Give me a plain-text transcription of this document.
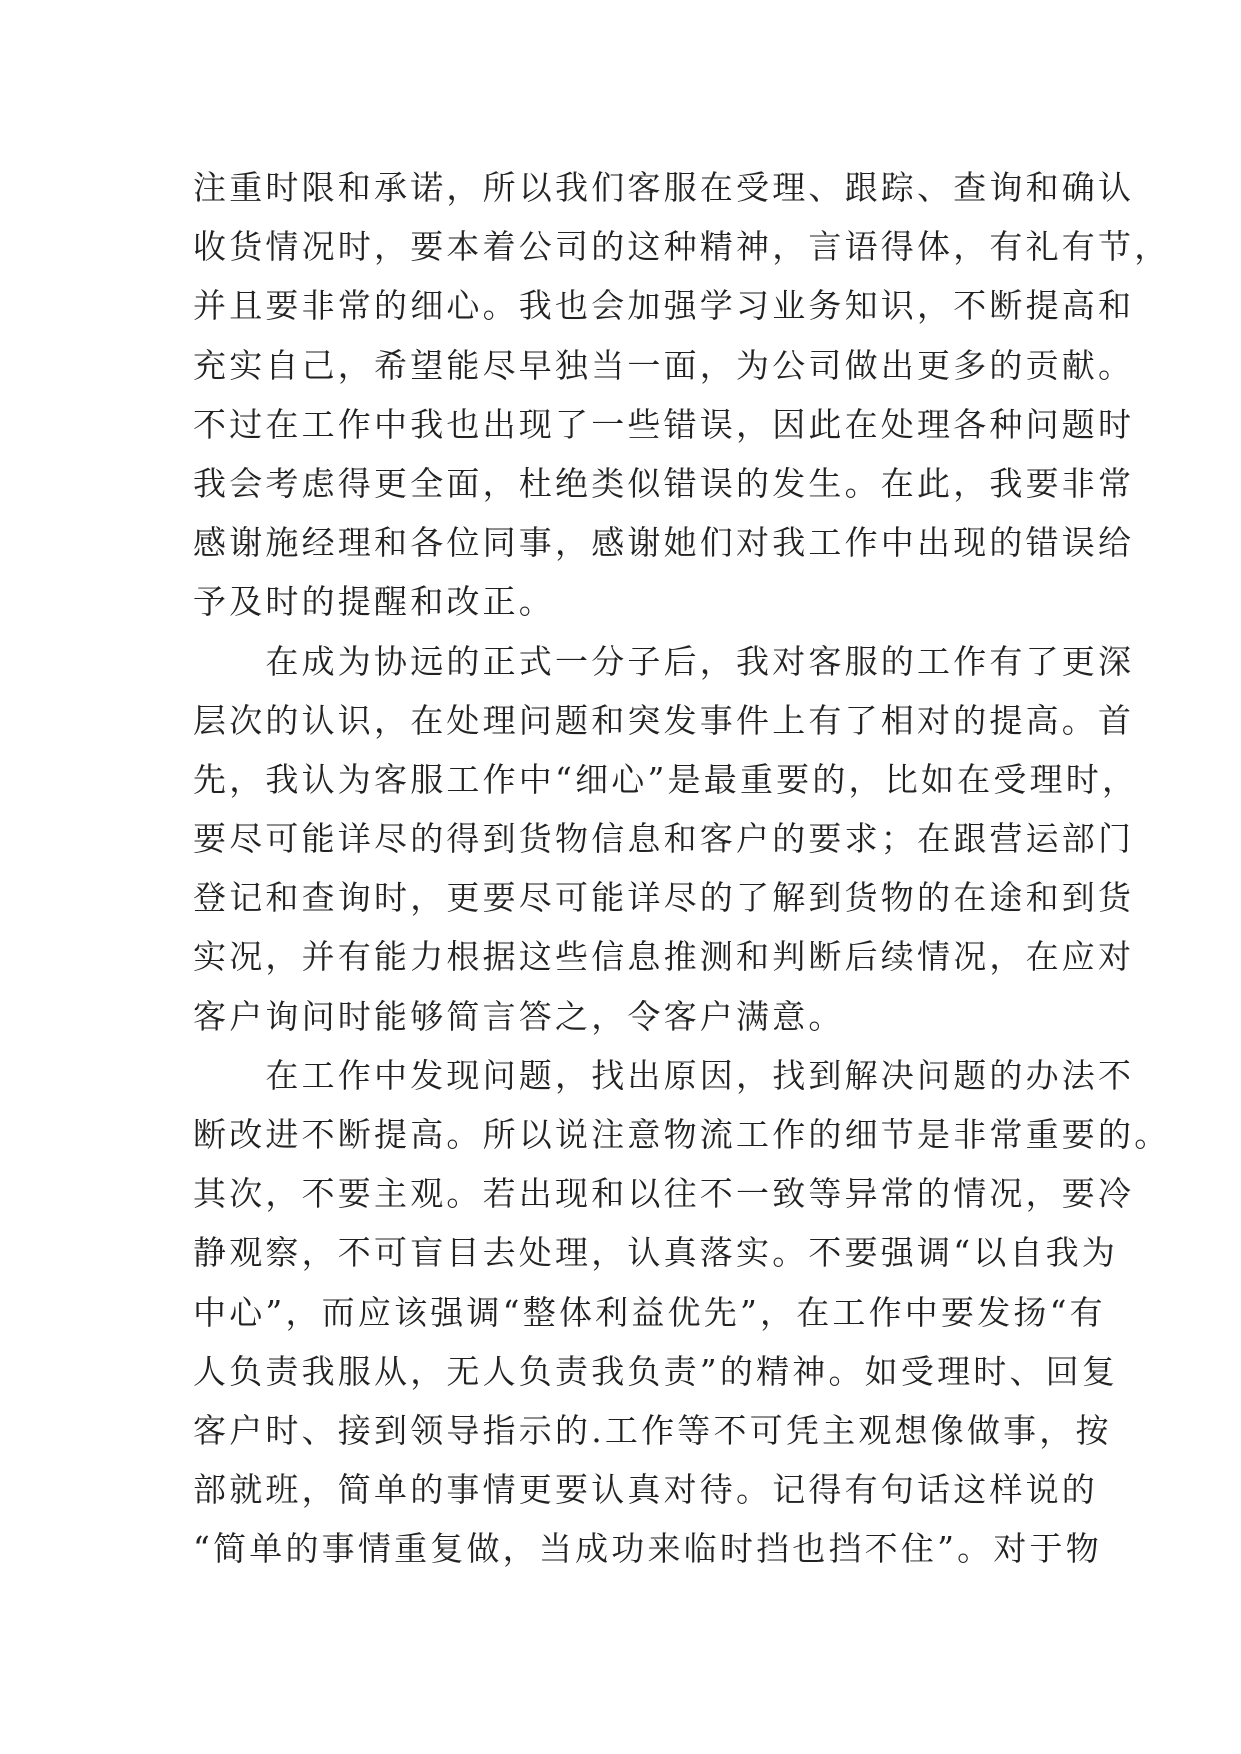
注重时限和承诺，所以我们客服在受理、跟踪、查询和确认
收货情况时，要本着公司的这种精神，言语得体，有礼有节，
并且要非常的细心。我也会加强学习业务知识，不断提高和
充实自己，希望能尽早独当一面，为公司做出更多的贡献。
不过在工作中我也出现了一些错误，因此在处理各种问题时
我会考虑得更全面，杜绝类似错误的发生。在此，我要非常
感谢施经理和各位同事，感谢她们对我工作中出现的错误给
予及时的提醒和改正。
　　在成为协远的正式一分子后，我对客服的工作有了更深
层次的认识，在处理问题和突发事件上有了相对的提高。首
先，我认为客服工作中“细心”是最重要的，比如在受理时，
要尽可能详尽的得到货物信息和客户的要求；在跟营运部门
登记和查询时，更要尽可能详尽的了解到货物的在途和到货
实况，并有能力根据这些信息推测和判断后续情况，在应对
客户询问时能够简言答之，令客户满意。
　　在工作中发现问题，找出原因，找到解决问题的办法不
断改进不断提高。所以说注意物流工作的细节是非常重要的。
其次，不要主观。若出现和以往不一致等异常的情况，要冷
静观察，不可盲目去处理，认真落实。不要强调“以自我为
中心”，而应该强调“整体利益优先”，在工作中要发扬“有
人负责我服从，无人负责我负责”的精神。如受理时、回复
客户时、接到领导指示的.工作等不可凭主观想像做事，按
部就班，简单的事情更要认真对待。记得有句话这样说的
“简单的事情重复做，当成功来临时挡也挡不住”。对于物
